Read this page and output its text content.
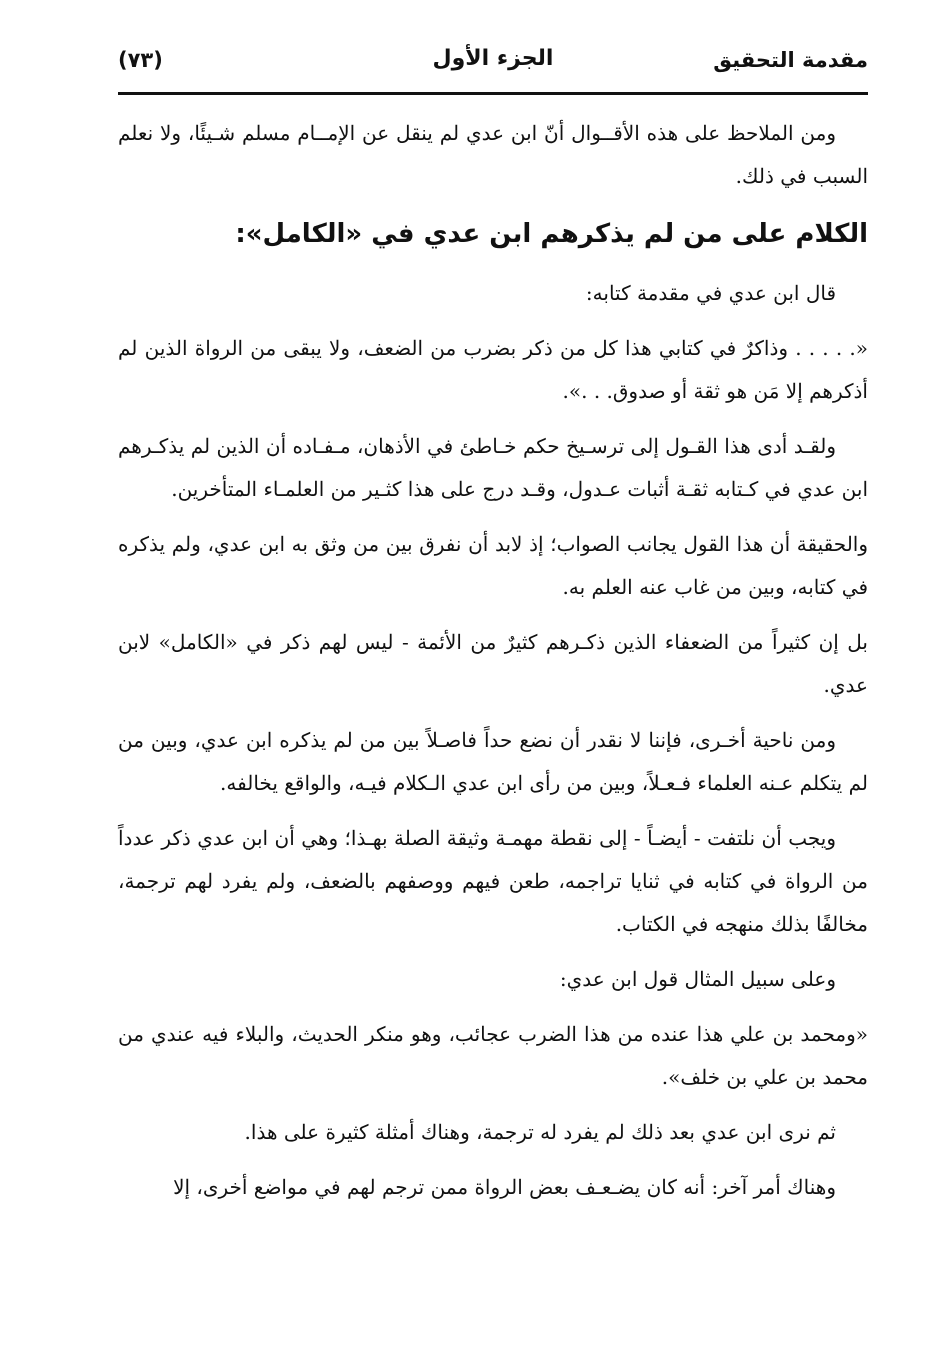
مقدمة التحقيق
الجزء الأول
(٧٣)

ومن الملاحظ على هذه الأقــوال أنّ ابن عدي لم ينقل عن الإمــام مسلم شـيئًا، ولا نعلم السبب في ذلك.

الكلام على من لم يذكرهم ابن عدي في «الكامل»:

قال ابن عدي في مقدمة كتابه:

«. . . . . وذاكرٌ في كتابي هذا كل من ذكر بضرب من الضعف، ولا يبقى من الرواة الذين لم أذكرهم إلا مَن هو ثقة أو صدوق. . .».

ولقـد أدى هذا القـول إلى ترسـيخ حكم خـاطئ في الأذهان، مـفـاده أن الذين لم يذكـرهم ابن عدي في كـتابه ثقـة أثبات عـدول، وقـد درج على هذا كثـير من العلمـاء المتأخرين.

والحقيقة أن هذا القول يجانب الصواب؛ إذ لابد أن نفرق بين من وثق به ابن عدي، ولم يذكره في كتابه، وبين من غاب عنه العلم به.

بل إن كثيراً من الضعفاء الذين ذكـرهم كثيرٌ من الأئمة - ليس لهم ذكر في «الكامل» لابن عدي.

ومن ناحية أخـرى، فإننا لا نقدر أن نضع حداً فاصـلاً بين من لم يذكره ابن عدي، وبين من لم يتكلم عـنه العلماء فـعـلاً، وبين من رأى ابن عدي الـكلام فيـه، والواقع يخالفه.

ويجب أن نلتفت - أيضـاً - إلى نقطة مهمـة وثيقة الصلة بهـذا؛ وهي أن ابن عدي ذكر عدداً من الرواة في كتابه في ثنايا تراجمه، طعن فيهم ووصفهم بالضعف، ولم يفرد لهم ترجمة، مخالفًا بذلك منهجه في الكتاب.

وعلى سبيل المثال قول ابن عدي:

«ومحمد بن علي هذا عنده من هذا الضرب عجائب، وهو منكر الحديث، والبلاء فيه عندي من محمد بن علي بن خلف».

ثم نرى ابن عدي بعد ذلك لم يفرد له ترجمة، وهناك أمثلة كثيرة على هذا.

وهناك أمر آخر: أنه كان يضـعـف بعض الرواة ممن ترجم لهم في مواضع أخرى، إلا
